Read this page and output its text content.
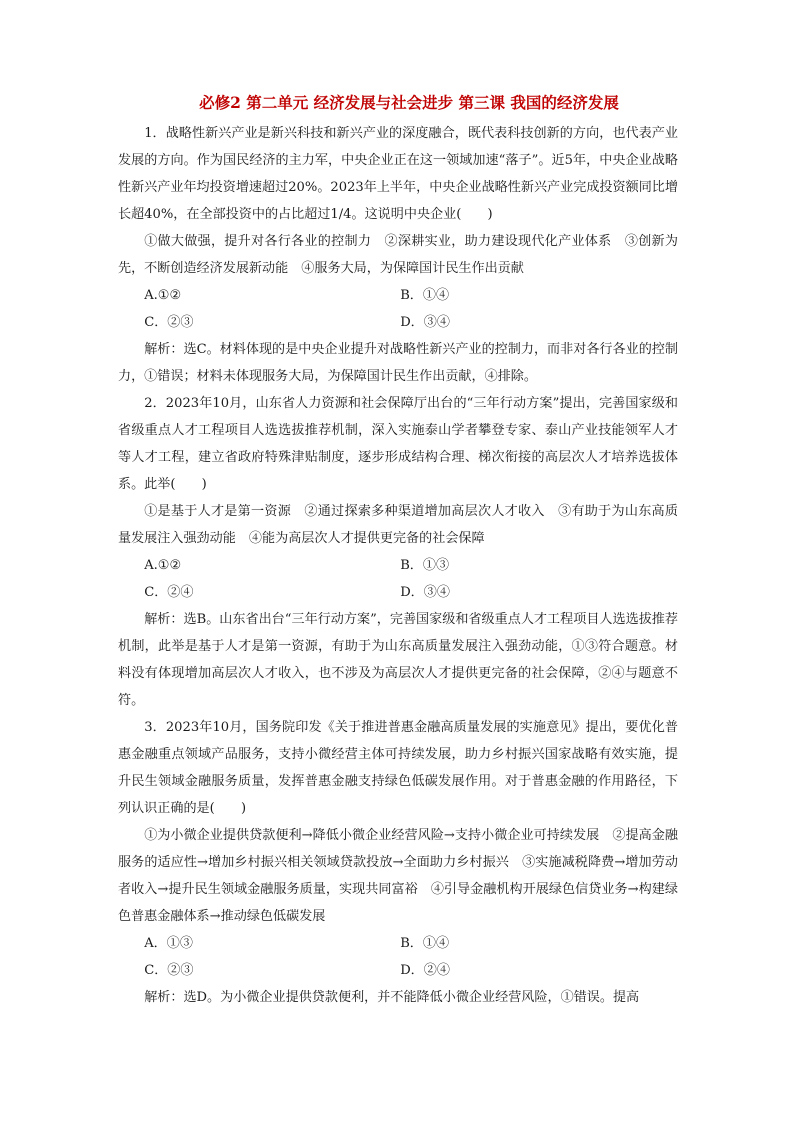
必修2 第二单元 经济发展与社会进步 第三课 我国的经济发展

1．战略性新兴产业是新兴科技和新兴产业的深度融合，既代表科技创新的方向，也代表产业发展的方向。作为国民经济的主力军，中央企业正在这一领域加速“落子”。近5年，中央企业战略性新兴产业年均投资增速超过20%。2023年上半年，中央企业战略性新兴产业完成投资额同比增长超40%，在全部投资中的占比超过1/4。这说明中央企业(　　)

①做大做强，提升对各行各业的控制力　②深耕实业，助力建设现代化产业体系　③创新为先，不断创造经济发展新动能　④服务大局，为保障国计民生作出贡献

A.①②	B．①④
C．②③	D．③④

解析：选C。材料体现的是中央企业提升对战略性新兴产业的控制力，而非对各行各业的控制力，①错误；材料未体现服务大局，为保障国计民生作出贡献，④排除。

2．2023年10月，山东省人力资源和社会保障厅出台的“三年行动方案”提出，完善国家级和省级重点人才工程项目人选选拔推荐机制，深入实施泰山学者攀登专家、泰山产业技能领军人才等人才工程，建立省政府特殊津贴制度，逐步形成结构合理、梯次衔接的高层次人才培养选拔体系。此举(　　)

①是基于人才是第一资源　②通过探索多种渠道增加高层次人才收入　③有助于为山东高质量发展注入强劲动能　④能为高层次人才提供更完备的社会保障

A.①②	B．①③
C．②④	D．③④

解析：选B。山东省出台“三年行动方案”，完善国家级和省级重点人才工程项目人选选拔推荐机制，此举是基于人才是第一资源，有助于为山东高质量发展注入强劲动能，①③符合题意。材料没有体现增加高层次人才收入，也不涉及为高层次人才提供更完备的社会保障，②④与题意不符。

3．2023年10月，国务院印发《关于推进普惠金融高质量发展的实施意见》提出，要优化普惠金融重点领域产品服务，支持小微经营主体可持续发展，助力乡村振兴国家战略有效实施，提升民生领域金融服务质量，发挥普惠金融支持绿色低碳发展作用。对于普惠金融的作用路径，下列认识正确的是(　　)

①为小微企业提供贷款便利→降低小微企业经营风险→支持小微企业可持续发展　②提高金融服务的适应性→增加乡村振兴相关领域贷款投放→全面助力乡村振兴　③实施减税降费→增加劳动者收入→提升民生领域金融服务质量，实现共同富裕　④引导金融机构开展绿色信贷业务→构建绿色普惠金融体系→推动绿色低碳发展

A．①③	B．①④
C．②③	D．②④

解析：选D。为小微企业提供贷款便利，并不能降低小微企业经营风险，①错误。提高
